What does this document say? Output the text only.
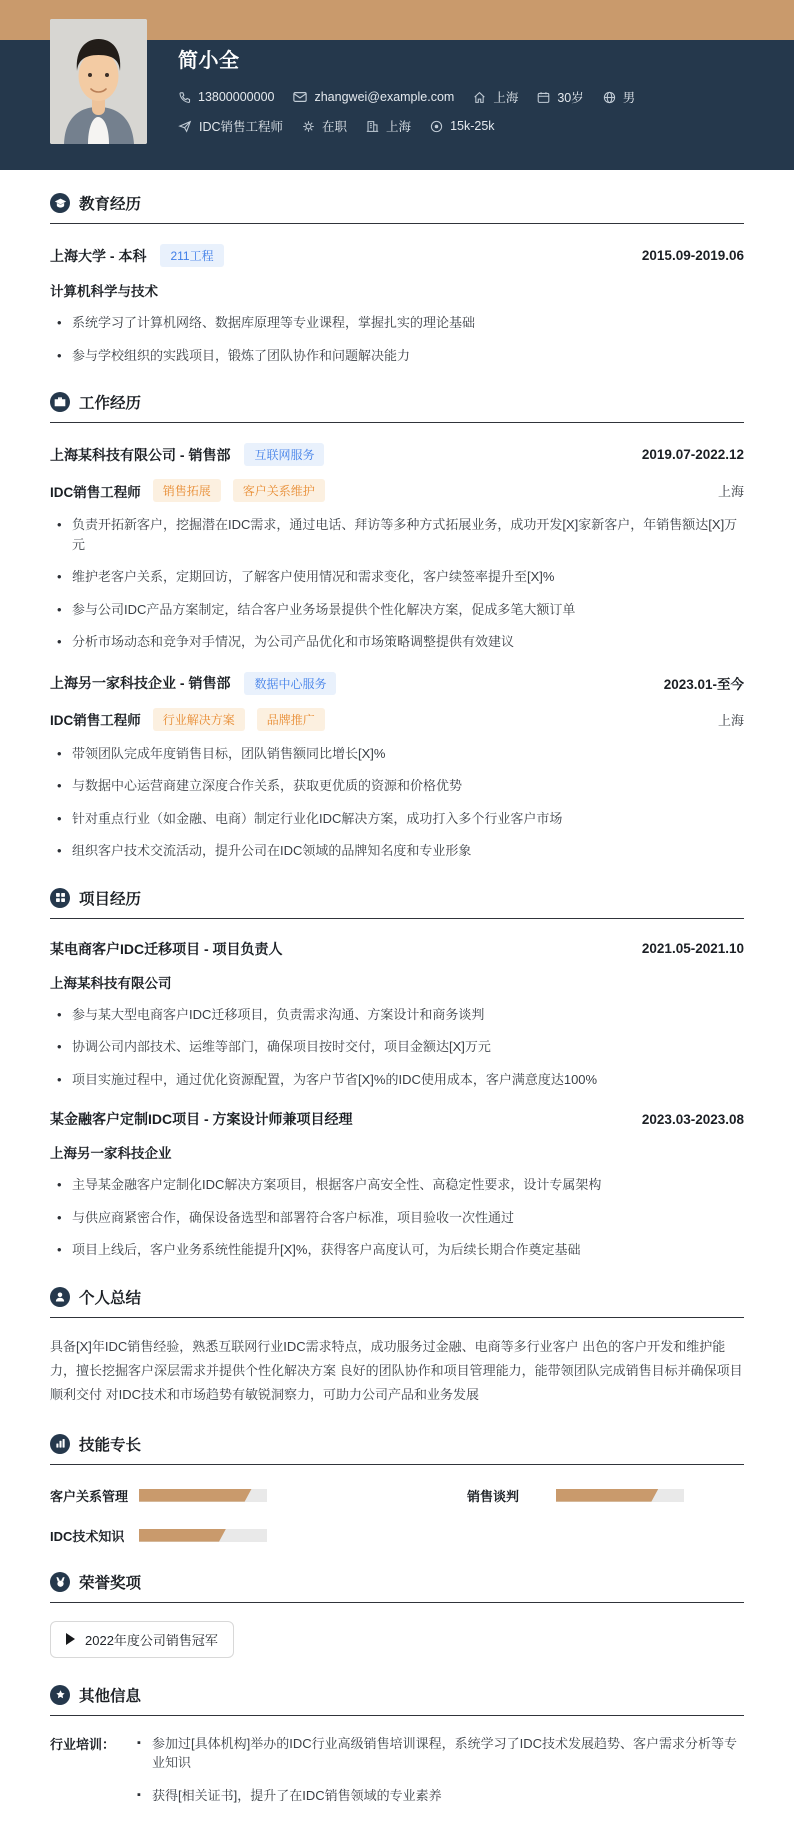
简小全
13800000000	zhangwei@example.com	上海	30岁	男
IDC销售工程师	在职	上海	15k-25k
教育经历
上海大学 - 本科	211工程	2015.09-2019.06
计算机科学与技术
• 系统学习了计算机网络、数据库原理等专业课程，掌握扎实的理论基础
• 参与学校组织的实践项目，锻炼了团队协作和问题解决能力
工作经历
上海某科技有限公司 - 销售部	互联网服务	2019.07-2022.12
IDC销售工程师	销售拓展	客户关系维护	上海
• 负责开拓新客户，挖掘潜在IDC需求，通过电话、拜访等多种方式拓展业务，成功开发[X]家新客户，年销售额达[X]万元
• 维护老客户关系，定期回访，了解客户使用情况和需求变化，客户续签率提升至[X]%
• 参与公司IDC产品方案制定，结合客户业务场景提供个性化解决方案，促成多笔大额订单
• 分析市场动态和竞争对手情况，为公司产品优化和市场策略调整提供有效建议
上海另一家科技企业 - 销售部	数据中心服务	2023.01-至今
IDC销售工程师	行业解决方案	品牌推广	上海
• 带领团队完成年度销售目标，团队销售额同比增长[X]%
• 与数据中心运营商建立深度合作关系，获取更优质的资源和价格优势
• 针对重点行业（如金融、电商）制定行业化IDC解决方案，成功打入多个行业客户市场
• 组织客户技术交流活动，提升公司在IDC领域的品牌知名度和专业形象
项目经历
某电商客户IDC迁移项目 - 项目负责人	2021.05-2021.10
上海某科技有限公司
• 参与某大型电商客户IDC迁移项目，负责需求沟通、方案设计和商务谈判
• 协调公司内部技术、运维等部门，确保项目按时交付，项目金额达[X]万元
• 项目实施过程中，通过优化资源配置，为客户节省[X]%的IDC使用成本，客户满意度达100%
某金融客户定制IDC项目 - 方案设计师兼项目经理	2023.03-2023.08
上海另一家科技企业
• 主导某金融客户定制化IDC解决方案项目，根据客户高安全性、高稳定性要求，设计专属架构
• 与供应商紧密合作，确保设备选型和部署符合客户标准，项目验收一次性通过
• 项目上线后，客户业务系统性能提升[X]%，获得客户高度认可，为后续长期合作奠定基础
个人总结

具备[X]年IDC销售经验，熟悉互联网行业IDC需求特点，成功服务过金融、电商等多行业客户 出色的客户开发和维护能力，擅长挖掘客户深层需求并提供个性化解决方案 良好的团队协作和项目管理能力，能带领团队完成销售目标并确保项目顺利交付 对IDC技术和市场趋势有敏锐洞察力，可助力公司产品和业务发展

技能专长
客户关系管理	销售谈判
IDC技术知识
荣誉奖项
2022年度公司销售冠军
其他信息
行业培训：	▪ 参加过[具体机构]举办的IDC行业高级销售培训课程，系统学习了IDC技术发展趋势、客户需求分析等专业知识
▪ 获得[相关证书]，提升了在IDC销售领域的专业素养
